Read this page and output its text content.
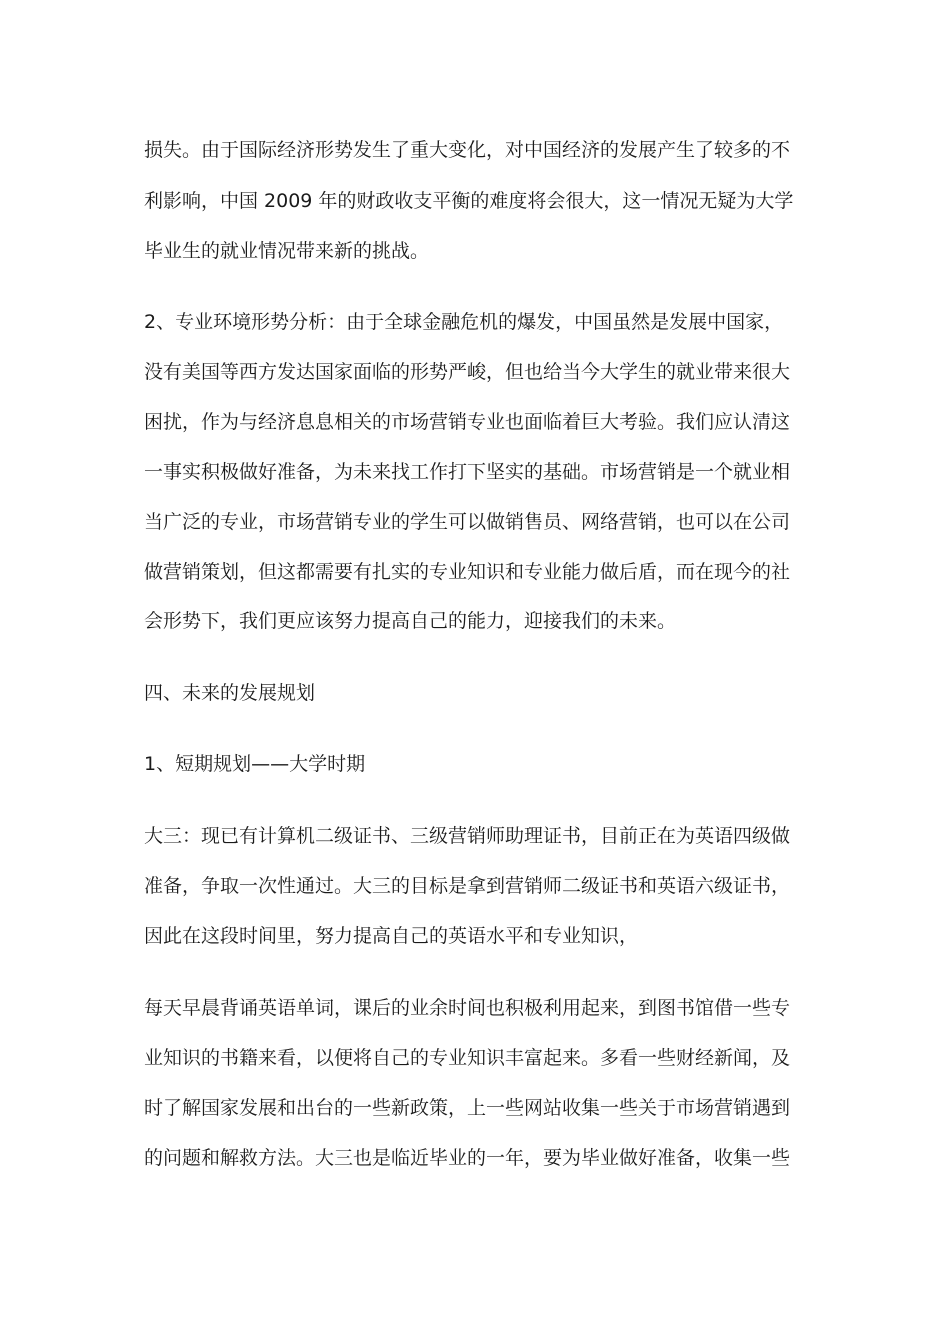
损失。由于国际经济形势发生了重大变化，对中国经济的发展产生了较多的不
利影响，中国 2009 年的财政收支平衡的难度将会很大，这一情况无疑为大学
毕业生的就业情况带来新的挑战。
2、专业环境形势分析：由于全球金融危机的爆发，中国虽然是发展中国家，
没有美国等西方发达国家面临的形势严峻，但也给当今大学生的就业带来很大
困扰，作为与经济息息相关的市场营销专业也面临着巨大考验。我们应认清这
一事实积极做好准备，为未来找工作打下坚实的基础。市场营销是一个就业相
当广泛的专业，市场营销专业的学生可以做销售员、网络营销，也可以在公司
做营销策划，但这都需要有扎实的专业知识和专业能力做后盾，而在现今的社
会形势下，我们更应该努力提高自己的能力，迎接我们的未来。
四、未来的发展规划
1、短期规划——大学时期
大三：现已有计算机二级证书、三级营销师助理证书，目前正在为英语四级做
准备，争取一次性通过。大三的目标是拿到营销师二级证书和英语六级证书，
因此在这段时间里，努力提高自己的英语水平和专业知识，
每天早晨背诵英语单词，课后的业余时间也积极利用起来，到图书馆借一些专
业知识的书籍来看，以便将自己的专业知识丰富起来。多看一些财经新闻，及
时了解国家发展和出台的一些新政策，上一些网站收集一些关于市场营销遇到
的问题和解救方法。大三也是临近毕业的一年，要为毕业做好准备，收集一些
